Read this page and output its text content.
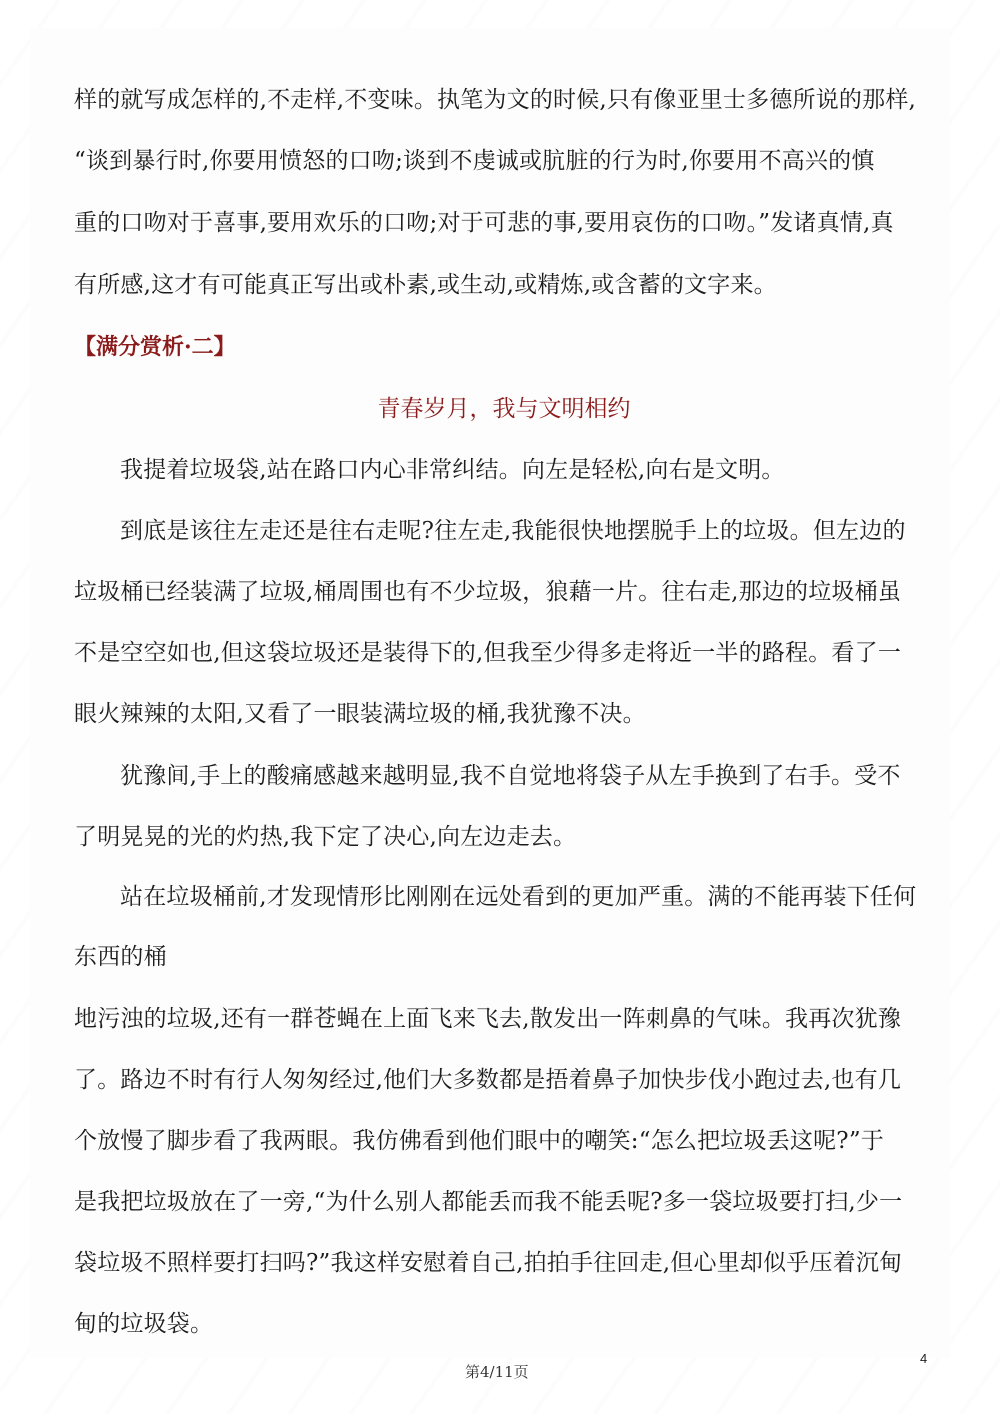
样的就写成怎样的,不走样,不变味。执笔为文的时候,只有像亚里士多德所说的那样,
“谈到暴行时,你要用愤怒的口吻;谈到不虔诚或肮脏的行为时,你要用不高兴的慎
重的口吻对于喜事,要用欢乐的口吻;对于可悲的事,要用哀伤的口吻。”发诸真情,真
有所感,这才有可能真正写出或朴素,或生动,或精炼,或含蓄的文字来。
【满分赏析·二】
青春岁月，我与文明相约
我提着垃圾袋,站在路口内心非常纠结。向左是轻松,向右是文明。
到底是该往左走还是往右走呢?往左走,我能很快地摆脱手上的垃圾。但左边的
垃圾桶已经装满了垃圾,桶周围也有不少垃圾，狼藉一片。往右走,那边的垃圾桶虽
不是空空如也,但这袋垃圾还是装得下的,但我至少得多走将近一半的路程。看了一
眼火辣辣的太阳,又看了一眼装满垃圾的桶,我犹豫不决。
犹豫间,手上的酸痛感越来越明显,我不自觉地将袋子从左手换到了右手。受不
了明晃晃的光的灼热,我下定了决心,向左边走去。
站在垃圾桶前,才发现情形比刚刚在远处看到的更加严重。满的不能再装下任何
东西的桶
地污浊的垃圾,还有一群苍蝇在上面飞来飞去,散发出一阵刺鼻的气味。我再次犹豫
了。路边不时有行人匆匆经过,他们大多数都是捂着鼻子加快步伐小跑过去,也有几
个放慢了脚步看了我两眼。我仿佛看到他们眼中的嘲笑:“怎么把垃圾丢这呢?”于
是我把垃圾放在了一旁,“为什么别人都能丢而我不能丢呢?多一袋垃圾要打扫,少一
袋垃圾不照样要打扫吗?”我这样安慰着自己,拍拍手往回走,但心里却似乎压着沉甸
甸的垃圾袋。
4
第4/11页
